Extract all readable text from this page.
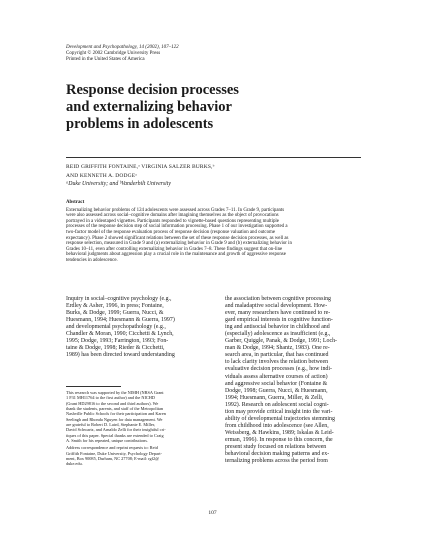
Development and Psychopathology, 14 (2002), 107–122
Copyright © 2002 Cambridge University Press
Printed in the United States of America
Response decision processes
and externalizing behavior
problems in adolescents
REID GRIFFITH FONTAINE,ᵃ VIRGINIA SALZER BURKS,ᵇ
AND KENNETH A. DODGEᵃ
ᵃDuke University; and ᵇVanderbilt University
Abstract
Externalizing behavior problems of 124 adolescents were assessed across Grades 7–11. In Grade 9, participants
were also assessed across social–cognitive domains after imagining themselves as the object of provocations
portrayed in a videotaped vignettes. Participants responded to vignette-based questions representing multiple
processes of the response decision step of social information processing. Phase 1 of our investigation supported a
two-factor model of the response evaluation process of response decision (response valuation and outcome
expectancy). Phase 2 showed significant relations between the set of these response decision processes, as well as
response selection, measured in Grade 9 and (a) externalizing behavior in Grade 9 and (b) externalizing behavior in
Grades 10–11, even after controlling externalizing behavior in Grades 7–8. These findings suggest that on-line
behavioral judgments about aggression play a crucial role in the maintenance and growth of aggressive response
tendencies in adolescence.
Inquiry in social–cognitive psychology (e.g.,
Erdley & Asher, 1996, in press; Fontaine,
Burks, & Dodge, 1999; Guerra, Nucci, &
Huesmann, 1994; Huesmann & Guerra, 1997)
and developmental psychopathology (e.g.,
Chandler & Moran, 1990; Cicchetti & Lynch,
1995; Dodge, 1993; Farrington, 1993; Fon-
taine & Dodge, 1998; Rieder & Cicchetti,
1989) has been directed toward understanding
the association between cognitive processing
and maladaptive social development. How-
ever, many researchers have continued to re-
gard empirical interests in cognitive function-
ing and antisocial behavior in childhood and
(especially) adolescence as insufficient (e.g.,
Garber, Quiggle, Panak, & Dodge, 1991; Loch-
man & Dodge, 1994; Shantz, 1983). One re-
search area, in particular, that has continued
to lack clarity involves the relation between
evaluative decision processes (e.g., how indi-
viduals assess alternative courses of action)
and aggressive social behavior (Fontaine &
Dodge, 1998; Guerra, Nucci, & Huesmann,
1994; Huesmann, Guerra, Miller, & Zelli,
1992). Research on adolescent social cogni-
tion may provide critical insight into the vari-
ability of developmental trajectories stemming
from childhood into adolescence (see Allen,
Weissberg, & Hawkins, 1989; Iskalas & Leid-
erman, 1996). In response to this concern, the
present study focused on relations between
behavioral decision making patterns and ex-
ternalizing problems across the period from

This research was supported by the NIMH (NRSA Grant
1 F31 MH11764 to the first author) and the NICHD
(Grant HD29816 to the second and third authors). We
thank the students, parents, and staff of the Metropolitan
Nashville Public Schools for their participation and Karen
Seelingh and Rhonda Nguyen for data management. We
are grateful to Robert D. Laird, Stephanie E. Miller,
David Schwartz, and Arnaldo Zelli for their insightful cri-
tiques of this paper. Special thanks are extended to Craig
A. Smith for his repeated, unique contributions.

Address correspondence and reprint requests to: Reid
Griffith Fontaine, Duke University, Psychology Depart-
ment, Box 90085, Durham, NC 27708; E-mail: rgf2@
duke.edu.

107
